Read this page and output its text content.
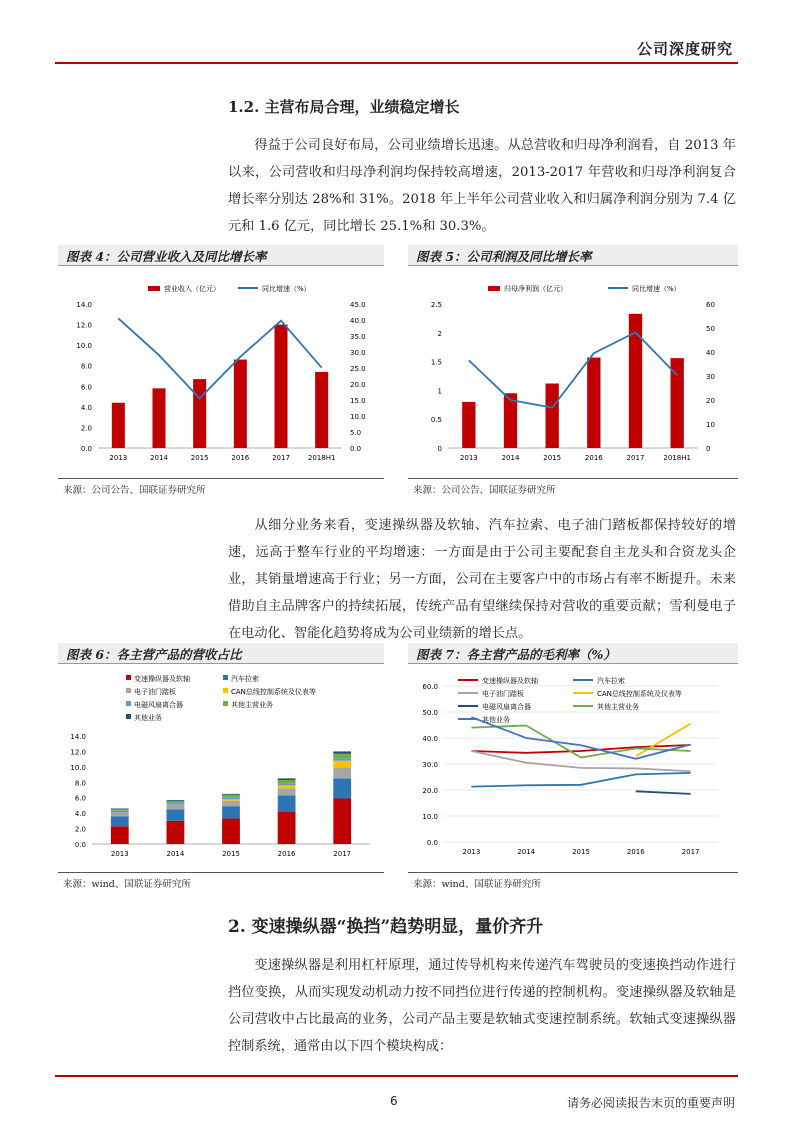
公司深度研究
1.2. 主营布局合理，业绩稳定增长

得益于公司良好布局，公司业绩增长迅速。从总营收和归母净利润看，自 2013 年以来，公司营收和归母净利润均保持较高增速，2013-2017 年营收和归母净利润复合增长率分别达 28%和 31%。2018 年上半年公司营业收入和归属净利润分别为 7.4 亿元和 1.6 亿元，同比增长 25.1%和 30.3%。

图表 4：公司营业收入及同比增长率
营业收入（亿元）	同比增速（%）
0.0
2.0
4.0
6.0
8.0
10.0
12.0
14.0
0.0
5.0
10.0
15.0
20.0
25.0
30.0
35.0
40.0
45.0
2013	2014	2015	2016	2017	2018H1
来源：公司公告、国联证券研究所
图表 5：公司利润及同比增长率
归母净利润（亿元）	同比增速（%）
0
0.5
1
1.5
2
2.5
0
10
20
30
40
50
60
2013	2014	2015	2016	2017	2018H1
来源：公司公告、国联证券研究所

从细分业务来看，变速操纵器及软轴、汽车拉索、电子油门踏板都保持较好的增速，远高于整车行业的平均增速：一方面是由于公司主要配套自主龙头和合资龙头企业，其销量增速高于行业；另一方面，公司在主要客户中的市场占有率不断提升。未来借助自主品牌客户的持续拓展，传统产品有望继续保持对营收的重要贡献；雪利曼电子在电动化、智能化趋势将成为公司业绩新的增长点。

图表 6：各主营产品的营收占比
变速操纵器及软轴	汽车拉索
电子油门踏板	CAN总线控制系统及仪表等
电磁风扇离合器	其他主营业务
其他业务
0.0
2.0
4.0
6.0
8.0
10.0
12.0
14.0
2013	2014	2015	2016	2017
来源：wind、国联证券研究所
图表 7：各主营产品的毛利率（%）
0.0
10.0
20.0
30.0
40.0
50.0
60.0
变速操纵器及软轴	汽车拉索
电子油门踏板	CAN总线控制系统及仪表等
电磁风扇离合器	其他主营业务
其他业务
2013	2014	2015	2016	2017
来源：wind、国联证券研究所
2. 变速操纵器“换挡”趋势明显，量价齐升

变速操纵器是利用杠杆原理，通过传导机构来传递汽车驾驶员的变速换挡动作进行挡位变换，从而实现发动机动力按不同挡位进行传递的控制机构。变速操纵器及软轴是公司营收中占比最高的业务，公司产品主要是软轴式变速控制系统。软轴式变速操纵器控制系统，通常由以下四个模块构成：

6	请务必阅读报告末页的重要声明
